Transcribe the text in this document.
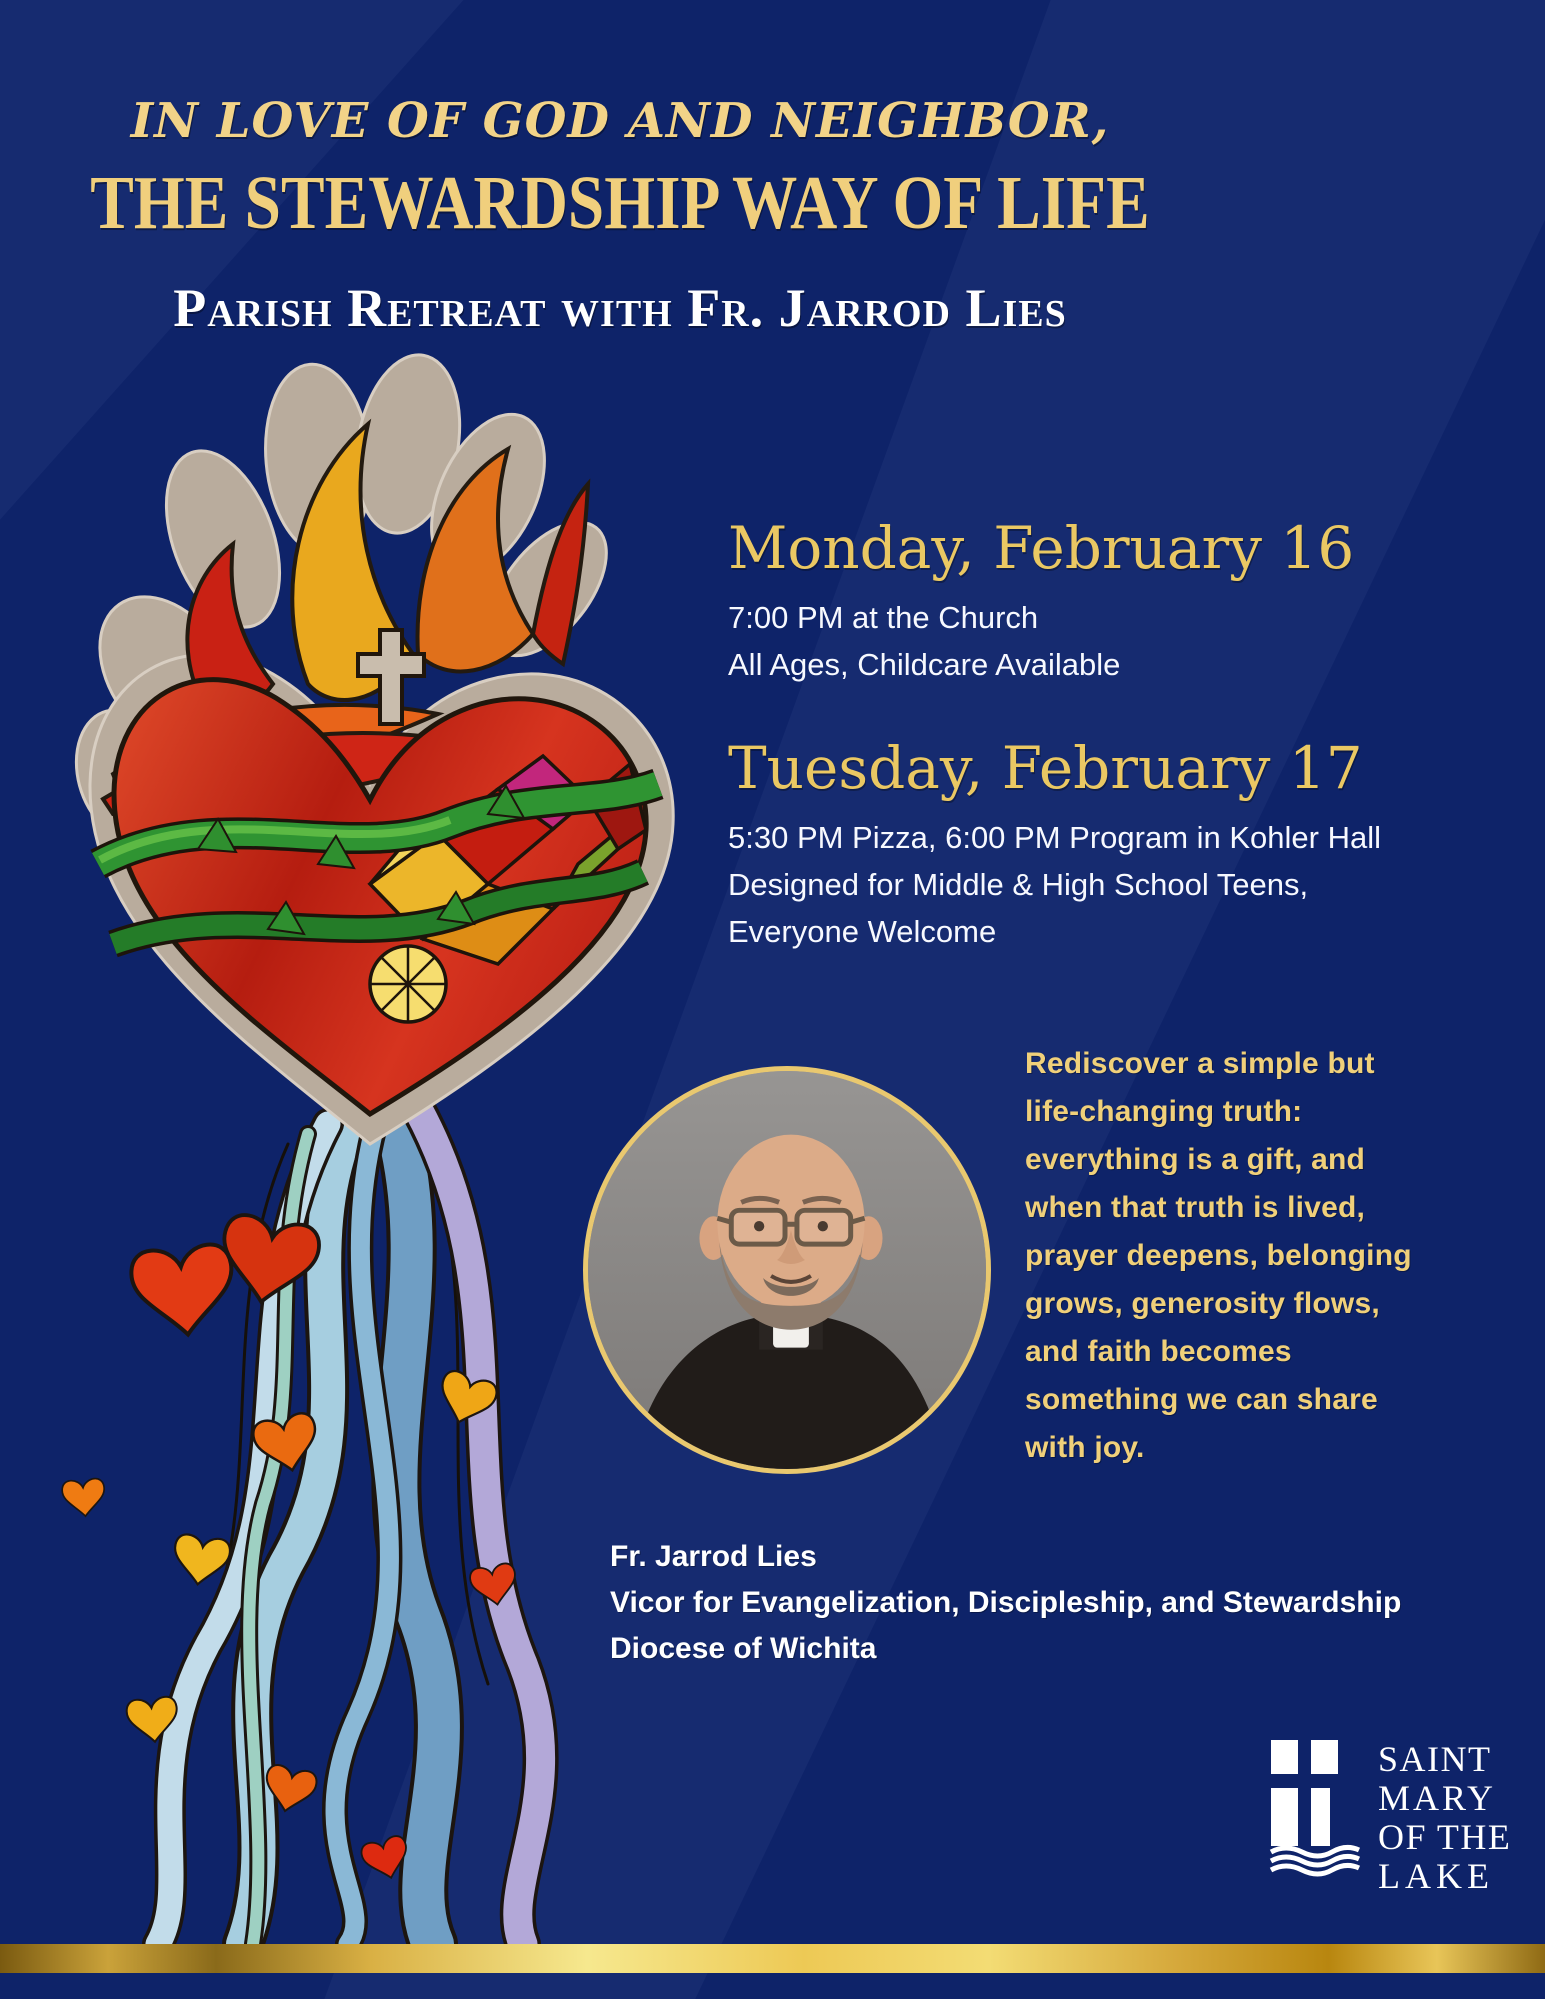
IN LOVE OF GOD AND NEIGHBOR,
THE STEWARDSHIP WAY OF LIFE
Parish Retreat with Fr. Jarrod Lies
Monday, February 16
7:00 PM at the Church
All Ages, Childcare Available
Tuesday, February 17
5:30 PM Pizza, 6:00 PM Program in Kohler Hall
Designed for Middle & High School Teens,
Everyone Welcome
Rediscover a simple but
life-changing truth:
everything is a gift, and
when that truth is lived,
prayer deepens, belonging
grows, generosity flows,
and faith becomes
something we can share
with joy.
Fr. Jarrod Lies
Vicor for Evangelization, Discipleship, and Stewardship
Diocese of Wichita
SAINT
MARY
OF THE
LAKE
